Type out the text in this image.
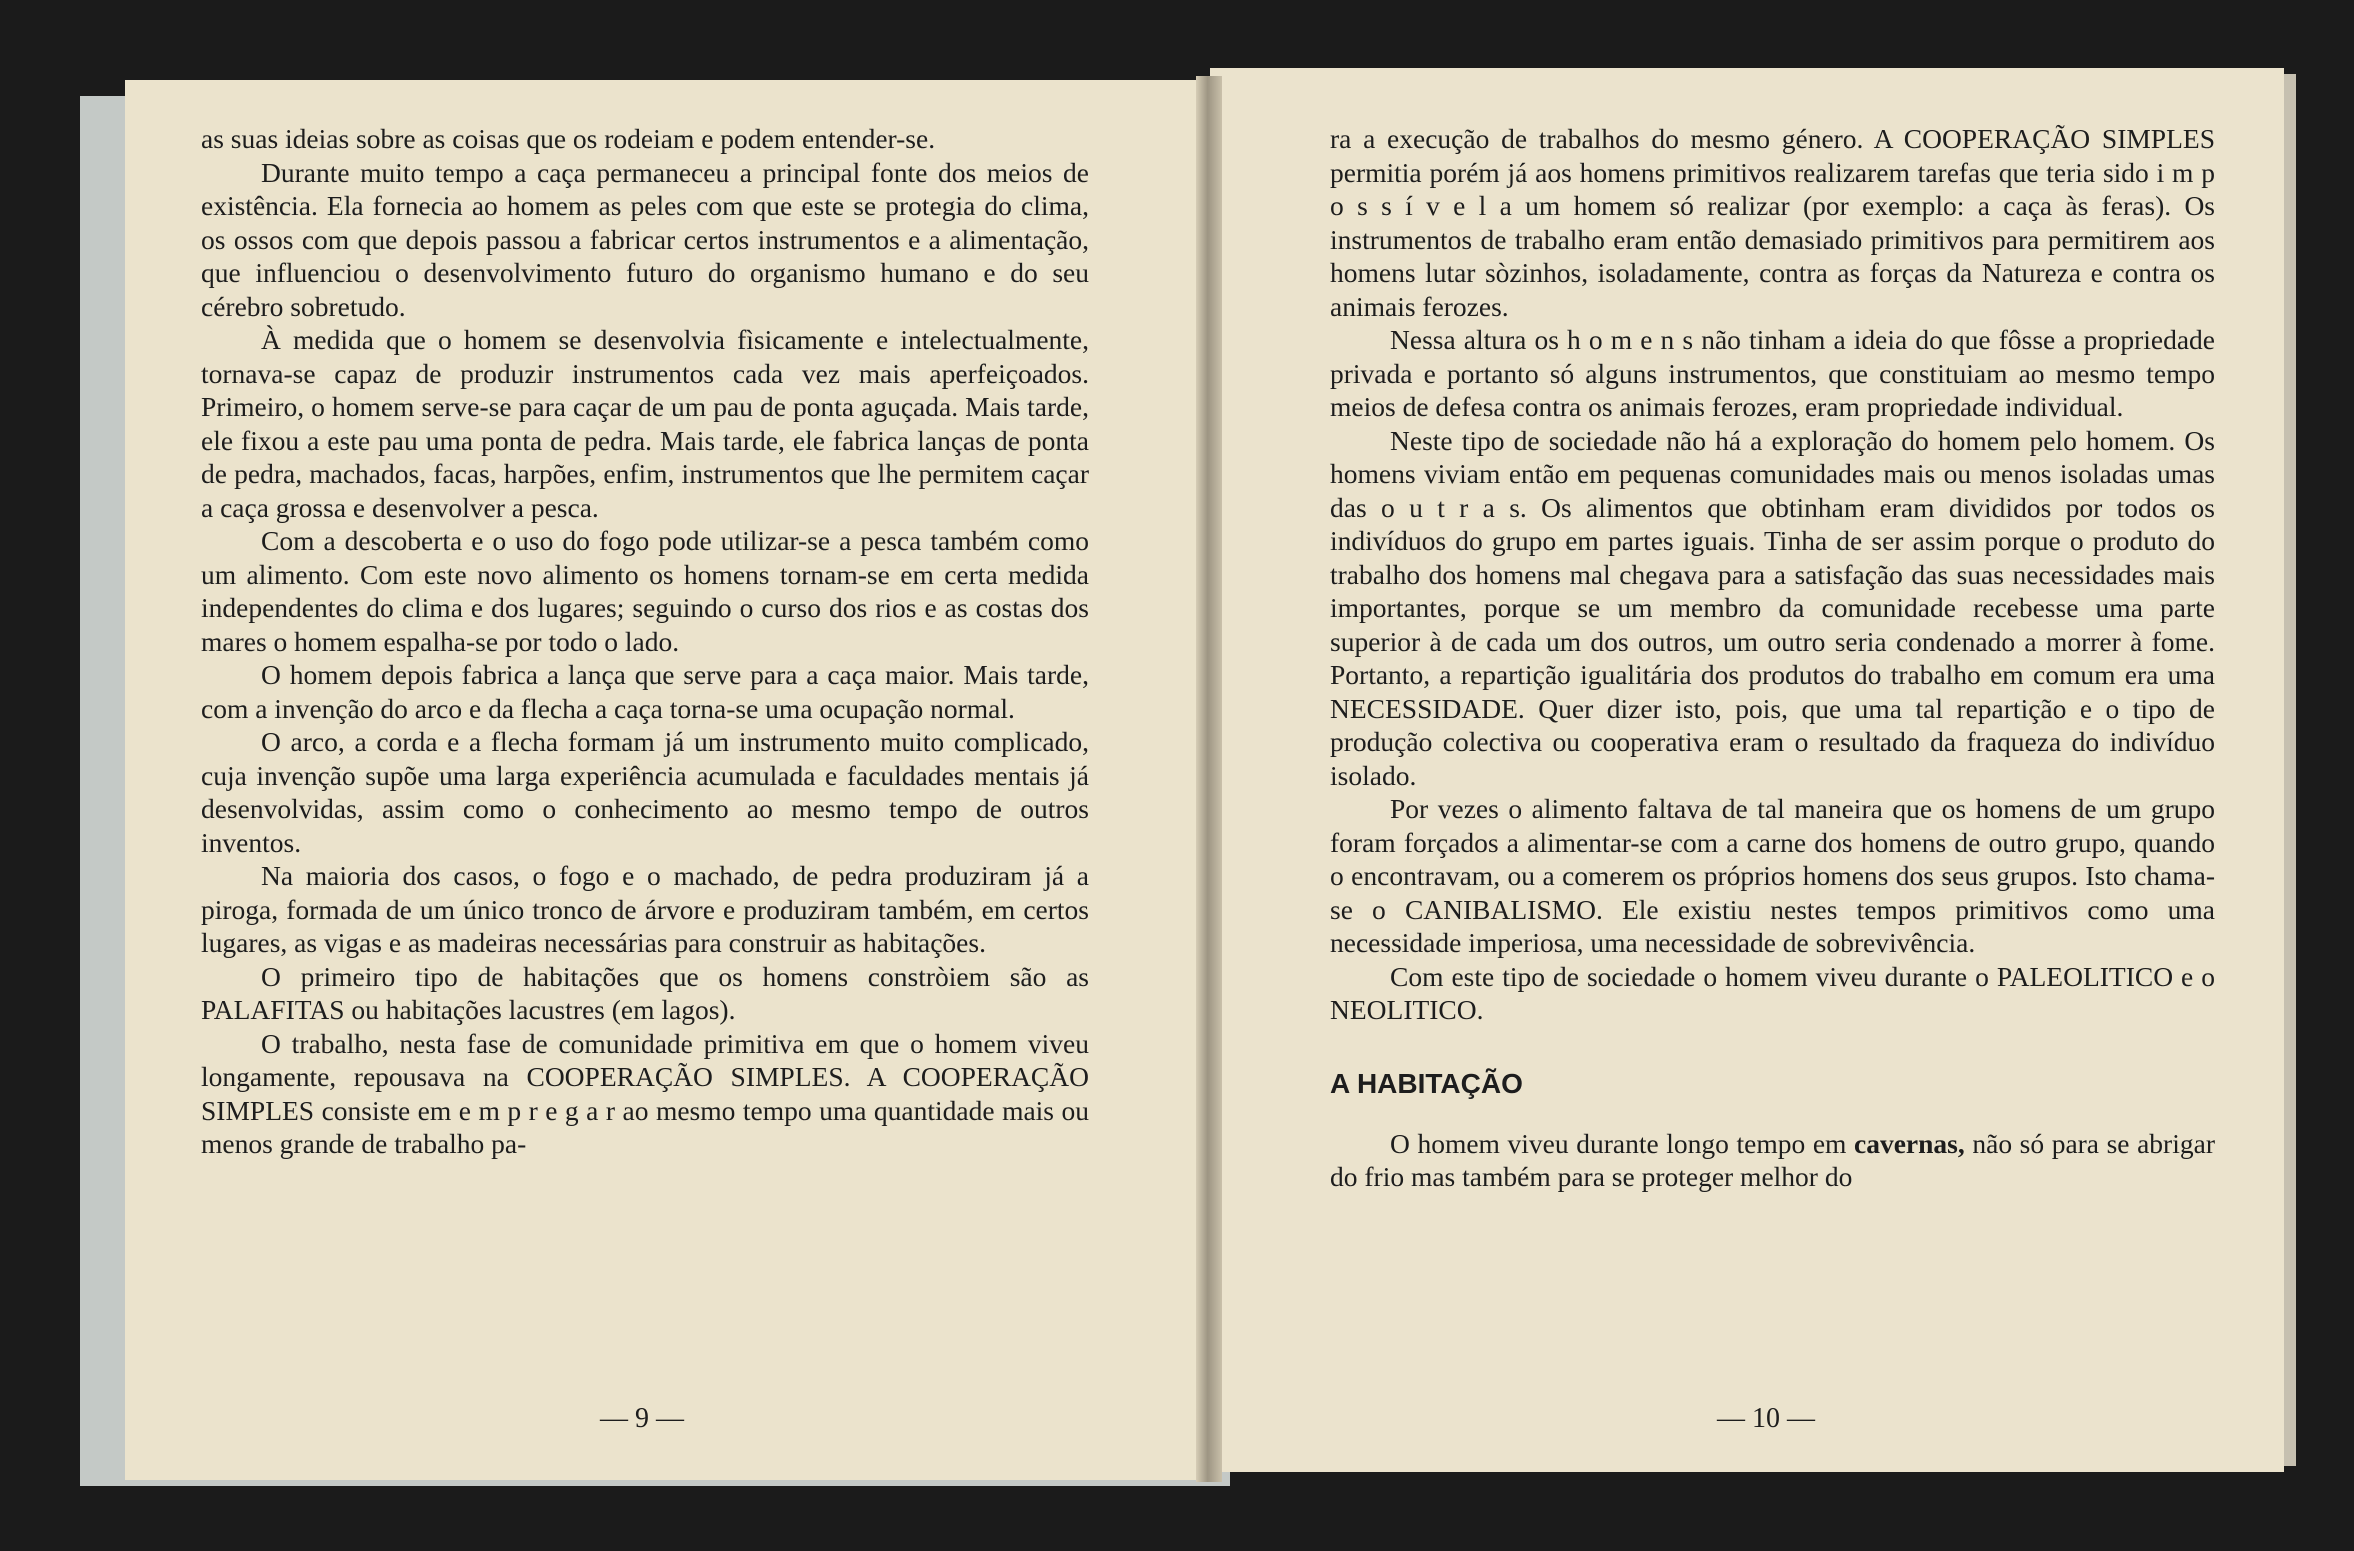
as suas ideias sobre as coisas que os rodeiam e podem entender-se.

Durante muito tempo a caça permaneceu a principal fonte dos meios de existência. Ela fornecia ao homem as peles com que este se protegia do clima, os ossos com que depois passou a fabricar certos instrumentos e a alimentação, que influenciou o desenvolvimento futuro do organismo humano e do seu cérebro sobretudo.

À medida que o homem se desenvolvia fìsicamente e intelectualmente, tornava-se capaz de produzir instrumentos cada vez mais aperfeiçoados. Primeiro, o homem serve-se para caçar de um pau de ponta aguçada. Mais tarde, ele fixou a este pau uma ponta de pedra. Mais tarde, ele fabrica lanças de ponta de pedra, machados, facas, harpões, enfim, instrumentos que lhe permitem caçar a caça grossa e desenvolver a pesca.

Com a descoberta e o uso do fogo pode utilizar-se a pesca também como um alimento. Com este novo alimento os homens tornam-se em certa medida independentes do clima e dos lugares; seguindo o curso dos rios e as costas dos mares o homem espalha-se por todo o lado.

O homem depois fabrica a lança que serve para a caça maior. Mais tarde, com a invenção do arco e da flecha a caça torna-se uma ocupação normal.

O arco, a corda e a flecha formam já um instrumento muito complicado, cuja invenção supõe uma larga experiência acumulada e faculdades mentais já desenvolvidas, assim como o conhecimento ao mesmo tempo de outros inventos.

Na maioria dos casos, o fogo e o machado, de pedra produziram já a piroga, formada de um único tronco de árvore e produziram também, em certos lugares, as vigas e as madeiras necessárias para construir as habitações.

O primeiro tipo de habitações que os homens constròiem são as PALAFITAS ou habitações lacustres (em lagos).

O trabalho, nesta fase de comunidade primitiva em que o homem viveu longamente, repousava na COOPERAÇÃO SIMPLES. A COOPERAÇÃO SIMPLES consiste em e m p r e g a r ao mesmo tempo uma quantidade mais ou menos grande de trabalho pa-

— 9 —

ra a execução de trabalhos do mesmo género. A COOPERAÇÃO SIMPLES permitia porém já aos homens primitivos realizarem tarefas que teria sido i m p o s s í v e l a um homem só realizar (por exemplo: a caça às feras). Os instrumentos de trabalho eram então demasiado primitivos para permitirem aos homens lutar sòzinhos, isoladamente, contra as forças da Natureza e contra os animais ferozes.

Nessa altura os h o m e n s não tinham a ideia do que fôsse a propriedade privada e portanto só alguns instrumentos, que constituiam ao mesmo tempo meios de defesa contra os animais ferozes, eram propriedade individual.

Neste tipo de sociedade não há a exploração do homem pelo homem. Os homens viviam então em pequenas comunidades mais ou menos isoladas umas das o u t r a s. Os alimentos que obtinham eram divididos por todos os indivíduos do grupo em partes iguais. Tinha de ser assim porque o produto do trabalho dos homens mal chegava para a satisfação das suas necessidades mais importantes, porque se um membro da comunidade recebesse uma parte superior à de cada um dos outros, um outro seria condenado a morrer à fome. Portanto, a repartição igualitária dos produtos do trabalho em comum era uma NECESSIDADE. Quer dizer isto, pois, que uma tal repartição e o tipo de produção colectiva ou cooperativa eram o resultado da fraqueza do indivíduo isolado.

Por vezes o alimento faltava de tal maneira que os homens de um grupo foram forçados a alimentar-se com a carne dos homens de outro grupo, quando o encontravam, ou a comerem os próprios homens dos seus grupos. Isto chama-se o CANIBALISMO. Ele existiu nestes tempos primitivos como uma necessidade imperiosa, uma necessidade de sobrevivência.

Com este tipo de sociedade o homem viveu durante o PALEOLITICO e o NEOLITICO.

A HABITAÇÃO

O homem viveu durante longo tempo em cavernas, não só para se abrigar do frio mas também para se proteger melhor do

— 10 —
